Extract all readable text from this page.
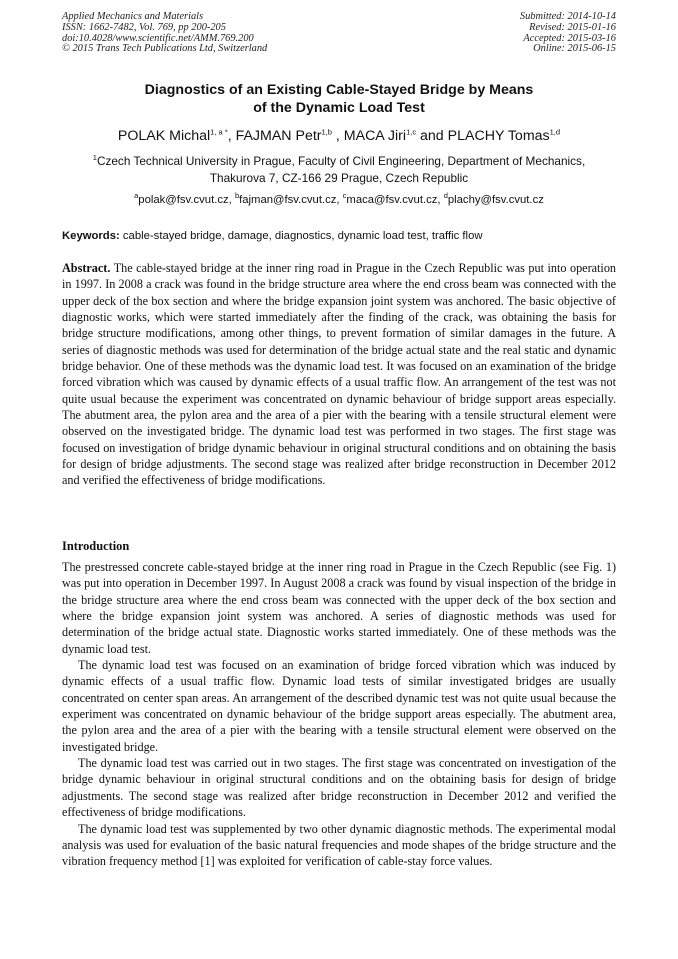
Applied Mechanics and Materials
ISSN: 1662-7482, Vol. 769, pp 200-205
doi:10.4028/www.scientific.net/AMM.769.200
© 2015 Trans Tech Publications Ltd, Switzerland
Submitted: 2014-10-14
Revised: 2015-01-16
Accepted: 2015-03-16
Online: 2015-06-15
Diagnostics of an Existing Cable-Stayed Bridge by Means
of the Dynamic Load Test
POLAK Michal$^{1, a *}$, FAJMAN Petr$^{1,b}$ , MACA Jiri$^{1,c}$ and PLACHY Tomas$^{1,d}$
$^1$Czech Technical University in Prague, Faculty of Civil Engineering, Department of Mechanics,
Thakurova 7, CZ-166 29 Prague, Czech Republic
$^a$polak@fsv.cvut.cz, $^b$fajman@fsv.cvut.cz, $^c$maca@fsv.cvut.cz, $^d$plachy@fsv.cvut.cz
Keywords: cable-stayed bridge, damage, diagnostics, dynamic load test, traffic flow
Abstract. The cable-stayed bridge at the inner ring road in Prague in the Czech Republic was put into operation in 1997. In 2008 a crack was found in the bridge structure area where the end cross beam was connected with the upper deck of the box section and where the bridge expansion joint system was anchored. The basic objective of diagnostic works, which were started immediately after the finding of the crack, was obtaining the basis for bridge structure modifications, among other things, to prevent formation of similar damages in the future. A series of diagnostic methods was used for determination of the bridge actual state and the real static and dynamic bridge behavior. One of these methods was the dynamic load test. It was focused on an examination of the bridge forced vibration which was caused by dynamic effects of a usual traffic flow. An arrangement of the test was not quite usual because the experiment was concentrated on dynamic behaviour of bridge support areas especially. The abutment area, the pylon area and the area of a pier with the bearing with a tensile structural element were observed on the investigated bridge. The dynamic load test was performed in two stages. The first stage was focused on investigation of bridge dynamic behaviour in original structural conditions and on obtaining the basis for design of bridge adjustments. The second stage was realized after bridge reconstruction in December 2012 and verified the effectiveness of bridge modifications.
Introduction

The prestressed concrete cable-stayed bridge at the inner ring road in Prague in the Czech Republic (see Fig. 1) was put into operation in December 1997. In August 2008 a crack was found by visual inspection of the bridge in the bridge structure area where the end cross beam was connected with the upper deck of the box section and where the bridge expansion joint system was anchored. A series of diagnostic methods was used for determination of the bridge actual state. Diagnostic works started immediately. One of these methods was the dynamic load test.

The dynamic load test was focused on an examination of bridge forced vibration which was induced by dynamic effects of a usual traffic flow. Dynamic load tests of similar investigated bridges are usually concentrated on center span areas. An arrangement of the described dynamic test was not quite usual because the experiment was concentrated on dynamic behaviour of the bridge support areas especially. The abutment area, the pylon area and the area of a pier with the bearing with a tensile structural element were observed on the investigated bridge.

The dynamic load test was carried out in two stages. The first stage was concentrated on investigation of the bridge dynamic behaviour in original structural conditions and on the obtaining basis for design of bridge adjustments. The second stage was realized after bridge reconstruction in December 2012 and verified the effectiveness of bridge modifications.

The dynamic load test was supplemented by two other dynamic diagnostic methods. The experimental modal analysis was used for evaluation of the basic natural frequencies and mode shapes of the bridge structure and the vibration frequency method [1] was exploited for verification of cable-stay force values.
